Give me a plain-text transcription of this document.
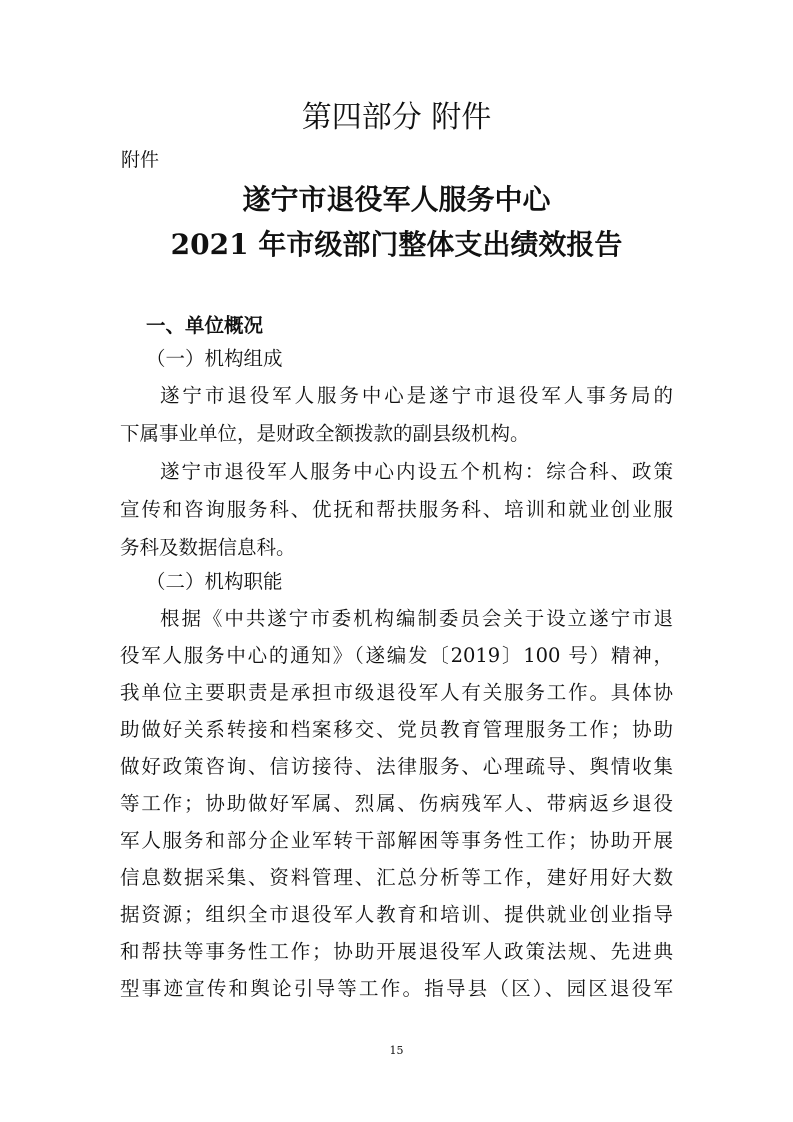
第四部分 附件
附件
遂宁市退役军人服务中心
2021 年市级部门整体支出绩效报告
一、单位概况
（一）机构组成
遂宁市退役军人服务中心是遂宁市退役军人事务局的
下属事业单位，是财政全额拨款的副县级机构。
遂宁市退役军人服务中心内设五个机构：综合科、政策
宣传和咨询服务科、优抚和帮扶服务科、培训和就业创业服
务科及数据信息科。
（二）机构职能
根据《中共遂宁市委机构编制委员会关于设立遂宁市退
役军人服务中心的通知》（遂编发〔2019〕100 号）精神，
我单位主要职责是承担市级退役军人有关服务工作。具体协
助做好关系转接和档案移交、党员教育管理服务工作；协助
做好政策咨询、信访接待、法律服务、心理疏导、舆情收集
等工作；协助做好军属、烈属、伤病残军人、带病返乡退役
军人服务和部分企业军转干部解困等事务性工作；协助开展
信息数据采集、资料管理、汇总分析等工作，建好用好大数
据资源；组织全市退役军人教育和培训、提供就业创业指导
和帮扶等事务性工作；协助开展退役军人政策法规、先进典
型事迹宣传和舆论引导等工作。指导县（区）、园区退役军
15
